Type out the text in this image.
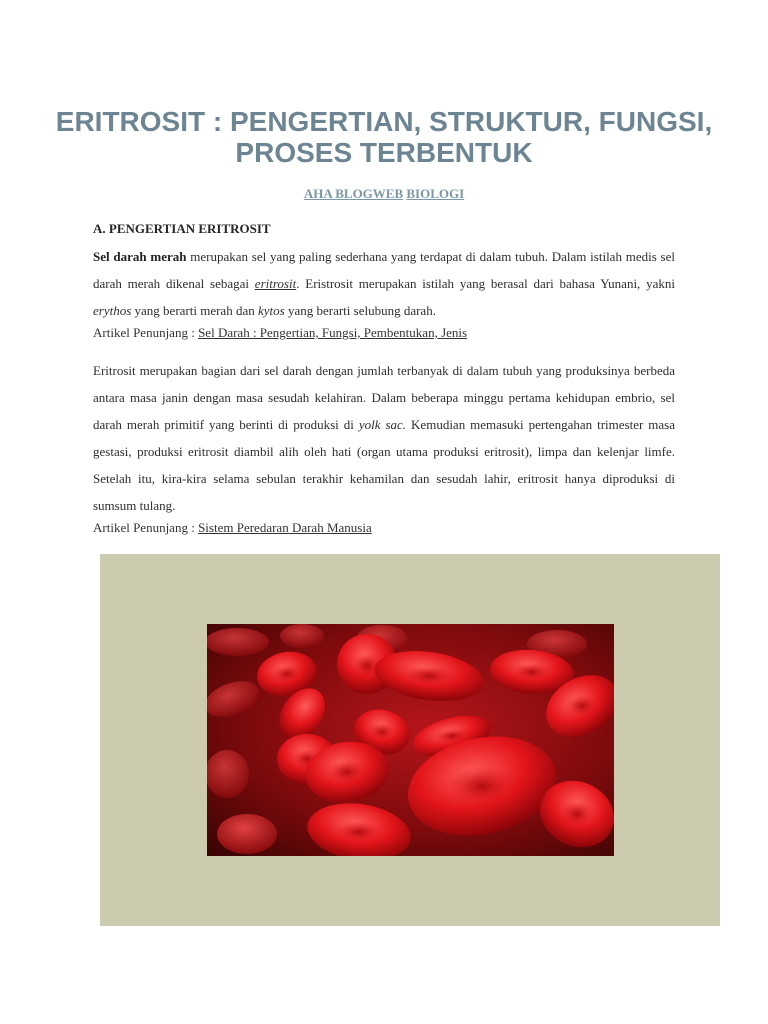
ERITROSIT : PENGERTIAN, STRUKTUR, FUNGSI, PROSES TERBENTUK
AHA BLOGWEB BIOLOGI
A. PENGERTIAN ERITROSIT

Sel darah merah merupakan sel yang paling sederhana yang terdapat di dalam tubuh. Dalam istilah medis sel darah merah dikenal sebagai eritrosit. Eristrosit merupakan istilah yang berasal dari bahasa Yunani, yakni erythos yang berarti merah dan kytos yang berarti selubung darah.

Artikel Penunjang : Sel Darah : Pengertian, Fungsi, Pembentukan, Jenis

Eritrosit merupakan bagian dari sel darah dengan jumlah terbanyak di dalam tubuh yang produksinya berbeda antara masa janin dengan masa sesudah kelahiran. Dalam beberapa minggu pertama kehidupan embrio, sel darah merah primitif yang berinti di produksi di yolk sac. Kemudian memasuki pertengahan trimester masa gestasi, produksi eritrosit diambil alih oleh hati (organ utama produksi eritrosit), limpa dan kelenjar limfe. Setelah itu, kira-kira selama sebulan terakhir kehamilan dan sesudah lahir, eritrosit hanya diproduksi di sumsum tulang.

Artikel Penunjang : Sistem Peredaran Darah Manusia
